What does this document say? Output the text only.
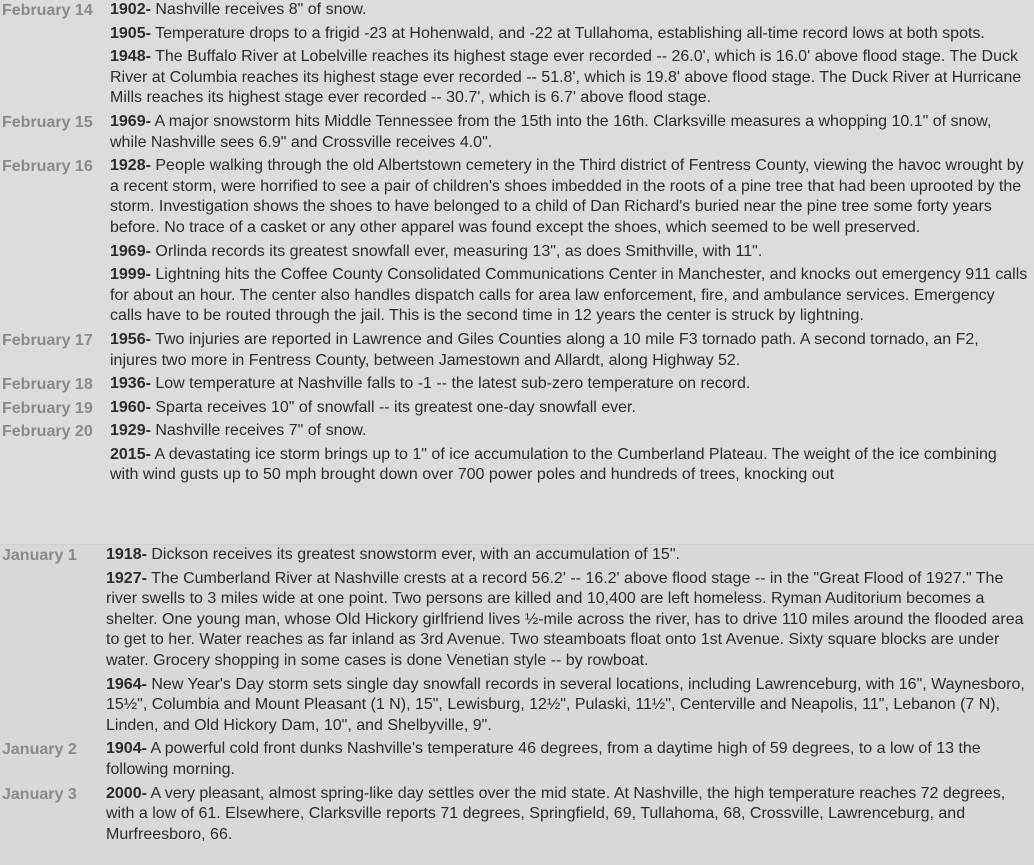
February 14	1902- Nashville receives 8" of snow.
1905- Temperature drops to a frigid -23 at Hohenwald, and -22 at Tullahoma, establishing all-time record lows at both spots.
1948- The Buffalo River at Lobelville reaches its highest stage ever recorded -- 26.0', which is 16.0' above flood stage. The Duck River at Columbia reaches its highest stage ever recorded -- 51.8', which is 19.8' above flood stage. The Duck River at Hurricane Mills reaches its highest stage ever recorded -- 30.7', which is 6.7' above flood stage.
February 15	1969- A major snowstorm hits Middle Tennessee from the 15th into the 16th. Clarksville measures a whopping 10.1" of snow, while Nashville sees 6.9" and Crossville receives 4.0".
February 16	1928- People walking through the old Albertstown cemetery in the Third district of Fentress County, viewing the havoc wrought by a recent storm, were horrified to see a pair of children's shoes imbedded in the roots of a pine tree that had been uprooted by the storm. Investigation shows the shoes to have belonged to a child of Dan Richard's buried near the pine tree some forty years before. No trace of a casket or any other apparel was found except the shoes, which seemed to be well preserved.
1969- Orlinda records its greatest snowfall ever, measuring 13", as does Smithville, with 11".
1999- Lightning hits the Coffee County Consolidated Communications Center in Manchester, and knocks out emergency 911 calls for about an hour. The center also handles dispatch calls for area law enforcement, fire, and ambulance services. Emergency calls have to be routed through the jail. This is the second time in 12 years the center is struck by lightning.
February 17	1956- Two injuries are reported in Lawrence and Giles Counties along a 10 mile F3 tornado path. A second tornado, an F2, injures two more in Fentress County, between Jamestown and Allardt, along Highway 52.
February 18	1936- Low temperature at Nashville falls to -1 -- the latest sub-zero temperature on record.
February 19	1960- Sparta receives 10" of snowfall -- its greatest one-day snowfall ever.
February 20	1929- Nashville receives 7" of snow.
2015- A devastating ice storm brings up to 1" of ice accumulation to the Cumberland Plateau. The weight of the ice combining with wind gusts up to 50 mph brought down over 700 power poles and hundreds of trees, knocking out
January 1	1918- Dickson receives its greatest snowstorm ever, with an accumulation of 15".
1927- The Cumberland River at Nashville crests at a record 56.2' -- 16.2' above flood stage -- in the "Great Flood of 1927." The river swells to 3 miles wide at one point. Two persons are killed and 10,400 are left homeless. Ryman Auditorium becomes a shelter. One young man, whose Old Hickory girlfriend lives ½-mile across the river, has to drive 110 miles around the flooded area to get to her. Water reaches as far inland as 3rd Avenue. Two steamboats float onto 1st Avenue. Sixty square blocks are under water. Grocery shopping in some cases is done Venetian style -- by rowboat.
1964- New Year's Day storm sets single day snowfall records in several locations, including Lawrenceburg, with 16", Waynesboro, 15½", Columbia and Mount Pleasant (1 N), 15", Lewisburg, 12½", Pulaski, 11½", Centerville and Neapolis, 11", Lebanon (7 N), Linden, and Old Hickory Dam, 10", and Shelbyville, 9".
January 2	1904- A powerful cold front dunks Nashville's temperature 46 degrees, from a daytime high of 59 degrees, to a low of 13 the following morning.
January 3	2000- A very pleasant, almost spring-like day settles over the mid state. At Nashville, the high temperature reaches 72 degrees, with a low of 61. Elsewhere, Clarksville reports 71 degrees, Springfield, 69, Tullahoma, 68, Crossville, Lawrenceburg, and Murfreesboro, 66.
